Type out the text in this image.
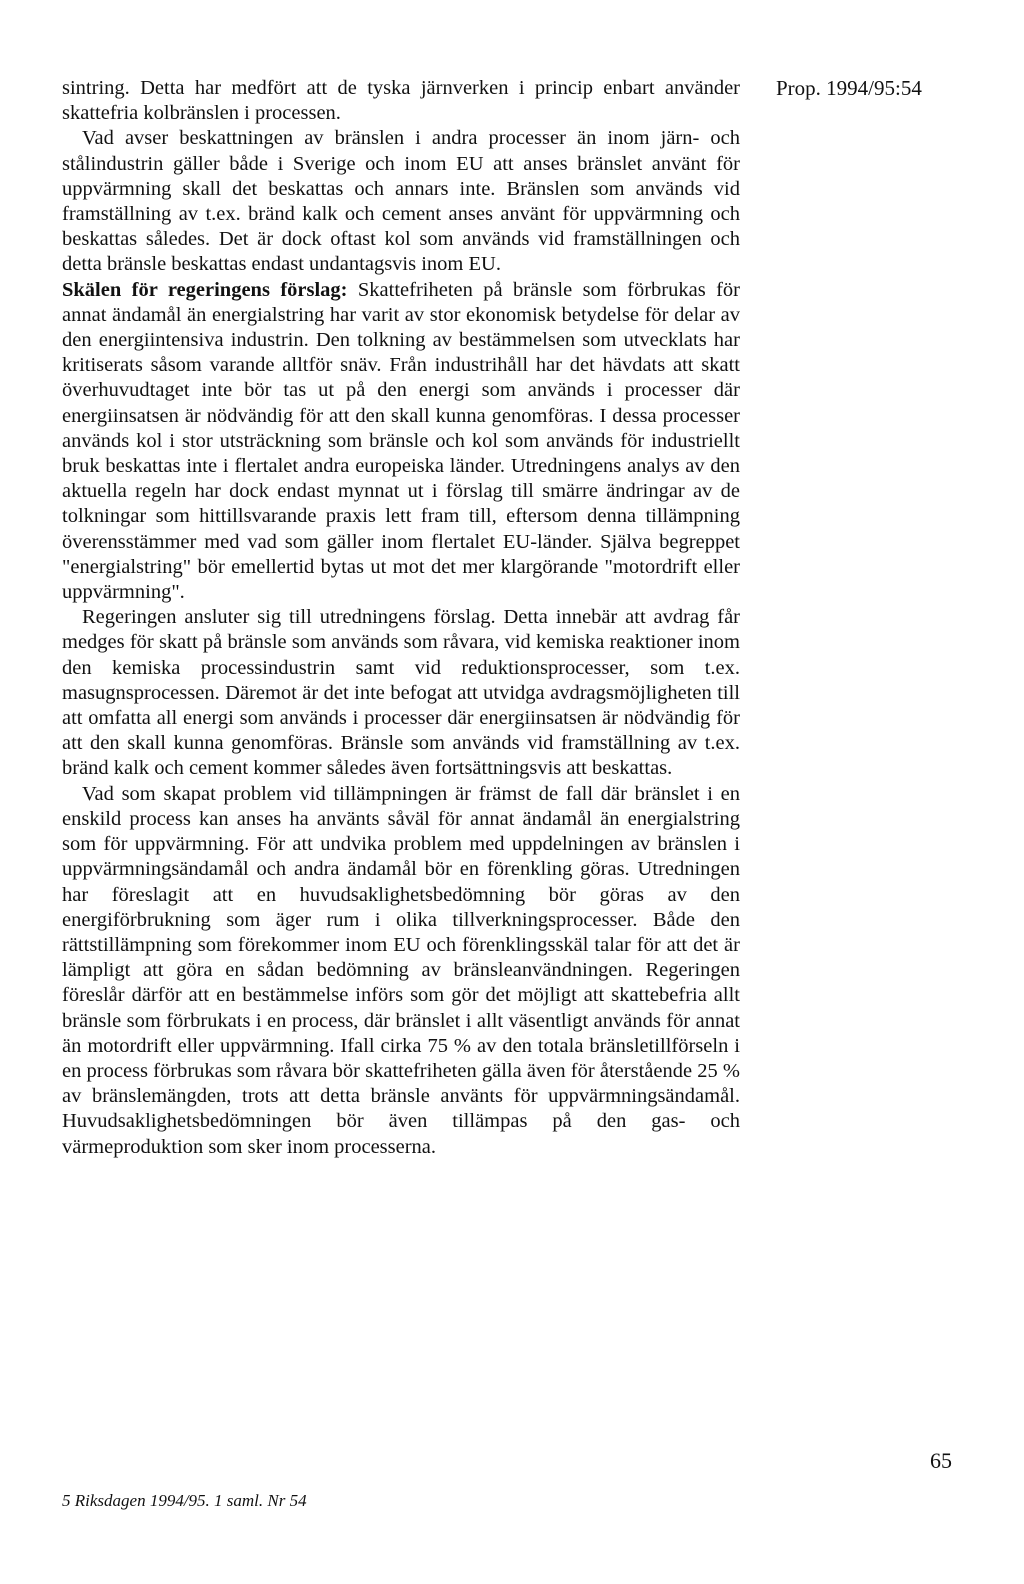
Prop. 1994/95:54

sintring. Detta har medfört att de tyska järnverken i princip enbart använder skattefria kolbränslen i processen.

Vad avser beskattningen av bränslen i andra processer än inom järn- och stålindustrin gäller både i Sverige och inom EU att anses bränslet använt för uppvärmning skall det beskattas och annars inte. Bränslen som används vid framställning av t.ex. bränd kalk och cement anses använt för uppvärmning och beskattas således. Det är dock oftast kol som används vid framställningen och detta bränsle beskattas endast undantagsvis inom EU.

Skälen för regeringens förslag: Skattefriheten på bränsle som förbrukas för annat ändamål än energialstring har varit av stor ekonomisk betydelse för delar av den energiintensiva industrin. Den tolkning av bestämmelsen som utvecklats har kritiserats såsom varande alltför snäv. Från industrihåll har det hävdats att skatt överhuvudtaget inte bör tas ut på den energi som används i processer där energiinsatsen är nödvändig för att den skall kunna genomföras. I dessa processer används kol i stor utsträckning som bränsle och kol som används för industriellt bruk beskattas inte i flertalet andra europeiska länder. Utredningens analys av den aktuella regeln har dock endast mynnat ut i förslag till smärre ändringar av de tolkningar som hittillsvarande praxis lett fram till, eftersom denna tillämpning överensstämmer med vad som gäller inom flertalet EU-länder. Själva begreppet "energialstring" bör emellertid bytas ut mot det mer klargörande "motordrift eller uppvärmning".

Regeringen ansluter sig till utredningens förslag. Detta innebär att avdrag får medges för skatt på bränsle som används som råvara, vid kemiska reaktioner inom den kemiska processindustrin samt vid reduktionsprocesser, som t.ex. masugnsprocessen. Däremot är det inte befogat att utvidga avdragsmöjligheten till att omfatta all energi som används i processer där energiinsatsen är nödvändig för att den skall kunna genomföras. Bränsle som används vid framställning av t.ex. bränd kalk och cement kommer således även fortsättningsvis att beskattas.

Vad som skapat problem vid tillämpningen är främst de fall där bränslet i en enskild process kan anses ha använts såväl för annat ändamål än energialstring som för uppvärmning. För att undvika problem med uppdelningen av bränslen i uppvärmningsändamål och andra ändamål bör en förenkling göras. Utredningen har föreslagit att en huvudsaklighetsbedömning bör göras av den energiförbrukning som äger rum i olika tillverkningsprocesser. Både den rättstillämpning som förekommer inom EU och förenklingsskäl talar för att det är lämpligt att göra en sådan bedömning av bränsleanvändningen. Regeringen föreslår därför att en bestämmelse införs som gör det möjligt att skattebefria allt bränsle som förbrukats i en process, där bränslet i allt väsentligt används för annat än motordrift eller uppvärmning. Ifall cirka 75 % av den totala bränsletillförseln i en process förbrukas som råvara bör skattefriheten gälla även för återstående 25 % av bränslemängden, trots att detta bränsle använts för uppvärmningsändamål. Huvudsaklighetsbedömningen bör även tillämpas på den gas- och värmeproduktion som sker inom processerna.

65
5 Riksdagen 1994/95. 1 saml. Nr 54
